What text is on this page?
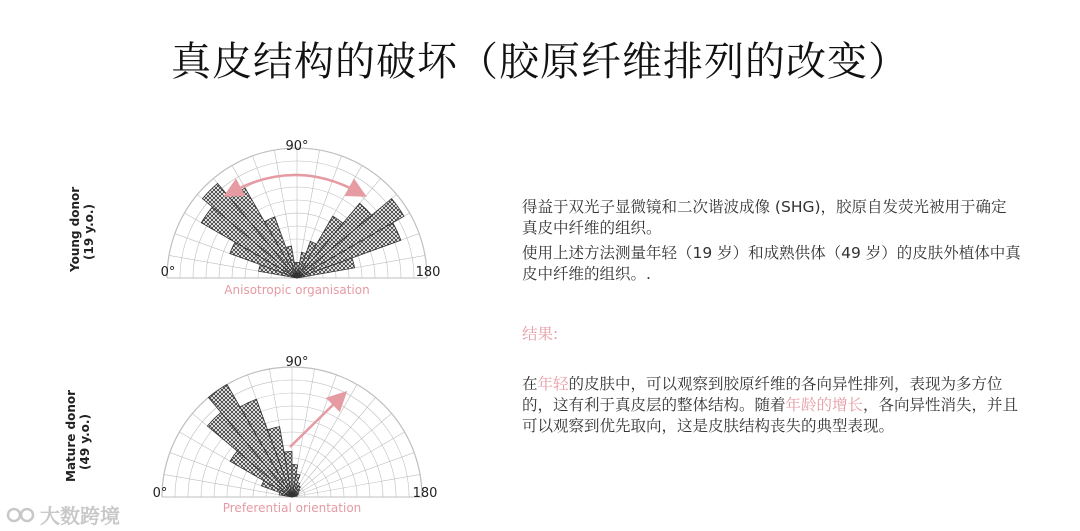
真皮结构的破坏（胶原纤维排列的改变）
90°
0°	180
Anisotropic organisation
90°
0°	180
Preferential orientation
Young donor (19 y.o.)
Mature donor (49 y.o.)

得益于双光子显微镜和二次谐波成像 (SHG)，胶原自发荧光被用于确定真皮中纤维的组织。

使用上述方法测量年轻（19 岁）和成熟供体（49 岁）的皮肤外植体中真皮中纤维的组织。.

结果:

在年轻的皮肤中，可以观察到胶原纤维的各向异性排列，表现为多方位的，这有利于真皮层的整体结构。随着年龄的增长，各向异性消失，并且可以观察到优先取向，这是皮肤结构丧失的典型表现。

大数跨境
